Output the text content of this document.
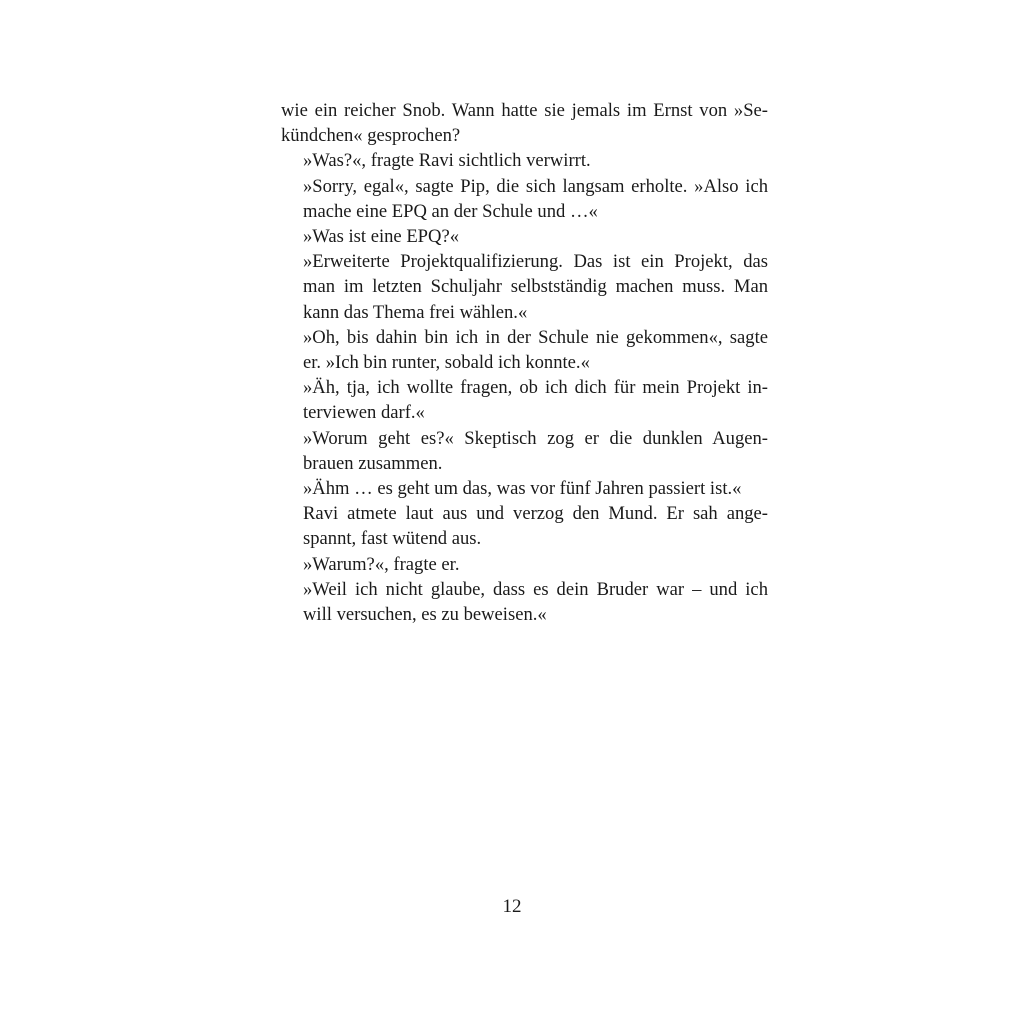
wie ein reicher Snob. Wann hatte sie jemals im Ernst von »Se-
kündchen« gesprochen?
»Was?«, fragte Ravi sichtlich verwirrt.
»Sorry, egal«, sagte Pip, die sich langsam erholte. »Also ich
mache eine EPQ an der Schule und …«
»Was ist eine EPQ?«
»Erweiterte Projektqualifizierung. Das ist ein Projekt, das
man im letzten Schuljahr selbstständig machen muss. Man
kann das Thema frei wählen.«
»Oh, bis dahin bin ich in der Schule nie gekommen«, sagte
er. »Ich bin runter, sobald ich konnte.«
»Äh, tja, ich wollte fragen, ob ich dich für mein Projekt in-
terviewen darf.«
»Worum geht es?« Skeptisch zog er die dunklen Augen-
brauen zusammen.
»Ähm … es geht um das, was vor fünf Jahren passiert ist.«
Ravi atmete laut aus und verzog den Mund. Er sah ange-
spannt, fast wütend aus.
»Warum?«, fragte er.
»Weil ich nicht glaube, dass es dein Bruder war – und ich
will versuchen, es zu beweisen.«
12
